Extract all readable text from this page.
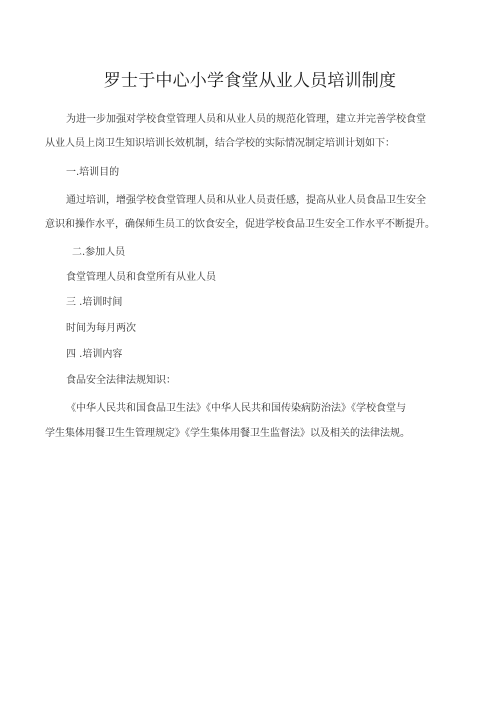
罗士于中心小学食堂从业人员培训制度
为进一步加强对学校食堂管理人员和从业人员的规范化管理，建立并完善学校食堂
从业人员上岗卫生知识培训长效机制，结合学校的实际情况制定培训计划如下：
一.培训目的
通过培训，增强学校食堂管理人员和从业人员责任感，提高从业人员食品卫生安全
意识和操作水平，确保师生员工的饮食安全，促进学校食品卫生安全工作水平不断提升。
二.参加人员
食堂管理人员和食堂所有从业人员
三 .培训时间
时间为每月两次
四 .培训内容
食品安全法律法规知识：
《中华人民共和国食品卫生法》《中华人民共和国传染病防治法》《学校食堂与
学生集体用餐卫生生管理规定》《学生集体用餐卫生监督法》以及相关的法律法规。
